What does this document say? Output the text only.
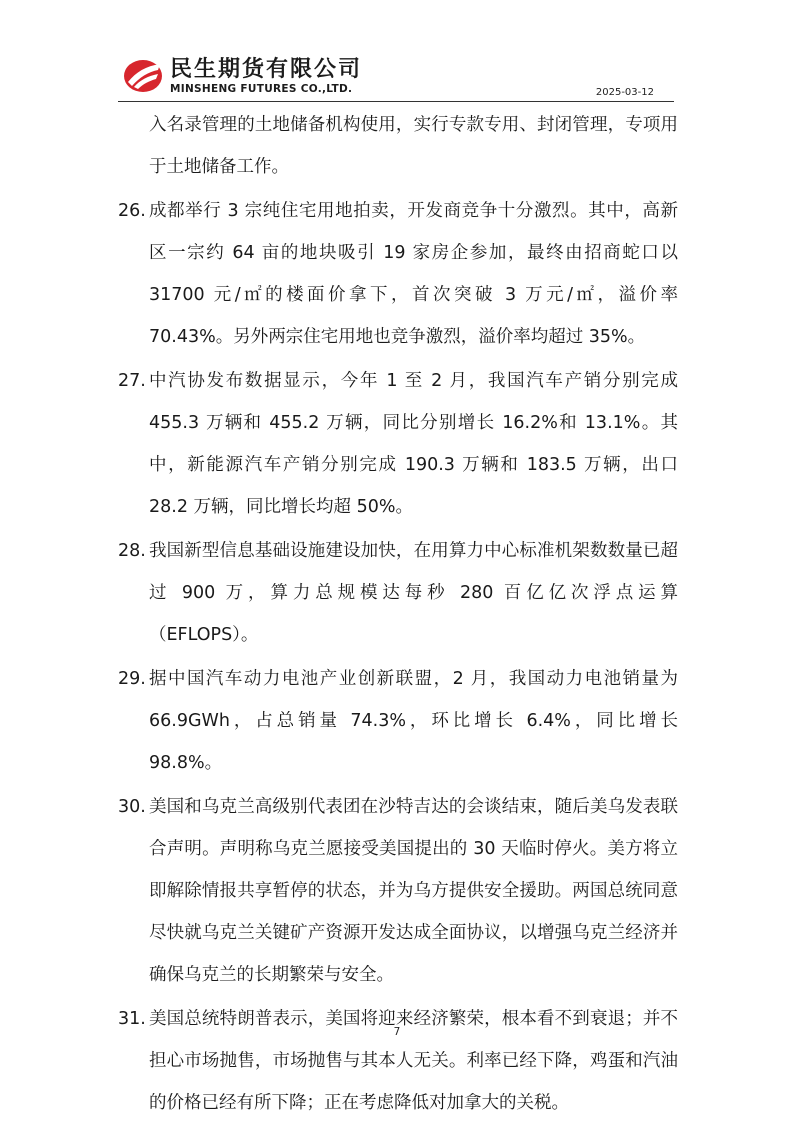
民生期货有限公司
MINSHENG FUTURES CO.,LTD.	2025-03-12
入名录管理的土地储备机构使用，实行专款专用、封闭管理，专项用于土地储备工作。
26. 成都举行 3 宗纯住宅用地拍卖，开发商竞争十分激烈。其中，高新区一宗约 64 亩的地块吸引 19 家房企参加，最终由招商蛇口以 31700 元/㎡的楼面价拿下，首次突破 3 万元/㎡，溢价率 70.43%。另外两宗住宅用地也竞争激烈，溢价率均超过 35%。
27. 中汽协发布数据显示，今年 1 至 2 月，我国汽车产销分别完成 455.3 万辆和 455.2 万辆，同比分别增长 16.2%和 13.1%。其中，新能源汽车产销分别完成 190.3 万辆和 183.5 万辆，出口 28.2 万辆，同比增长均超 50%。
28. 我国新型信息基础设施建设加快，在用算力中心标准机架数数量已超过 900 万，算力总规模达每秒 280 百亿亿次浮点运算（EFLOPS）。
29. 据中国汽车动力电池产业创新联盟，2 月，我国动力电池销量为 66.9GWh，占总销量 74.3%，环比增长 6.4%，同比增长 98.8%。
30. 美国和乌克兰高级别代表团在沙特吉达的会谈结束，随后美乌发表联合声明。声明称乌克兰愿接受美国提出的 30 天临时停火。美方将立即解除情报共享暂停的状态，并为乌方提供安全援助。两国总统同意尽快就乌克兰关键矿产资源开发达成全面协议，以增强乌克兰经济并确保乌克兰的长期繁荣与安全。
31. 美国总统特朗普表示，美国将迎来经济繁荣，根本看不到衰退；并不担心市场抛售，市场抛售与其本人无关。利率已经下降，鸡蛋和汽油的价格已经有所下降；正在考虑降低对加拿大的关税。
7
